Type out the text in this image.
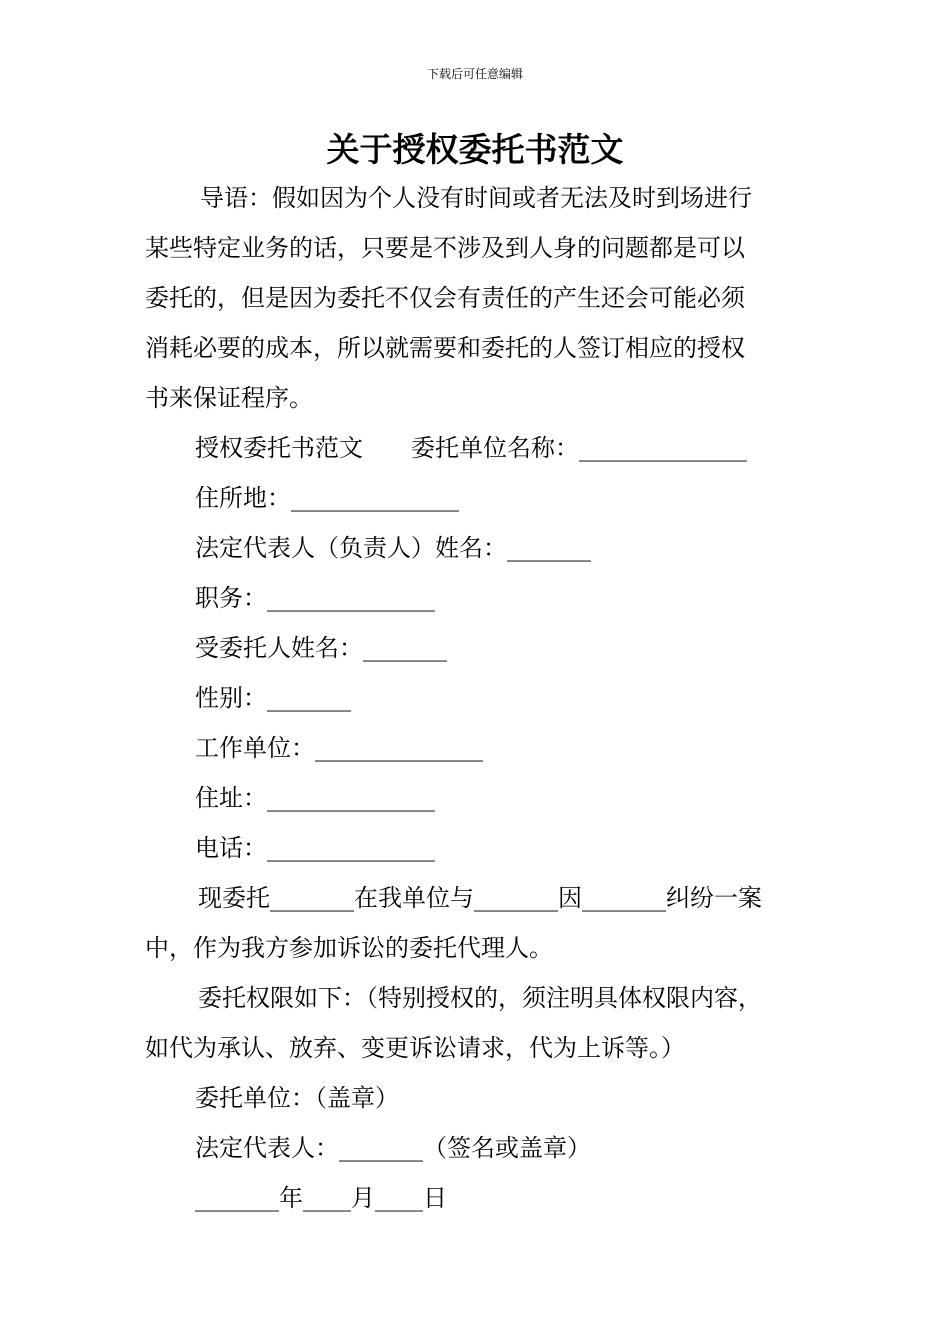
下载后可任意编辑
关于授权委托书范文
导语：假如因为个人没有时间或者无法及时到场进行
某些特定业务的话，只要是不涉及到人身的问题都是可以
委托的，但是因为委托不仅会有责任的产生还会可能必须
消耗必要的成本，所以就需要和委托的人签订相应的授权
书来保证程序。
授权委托书范文　　委托单位名称：______________
住所地：______________
法定代表人（负责人）姓名：_______
职务：______________
受委托人姓名：_______
性别：_______
工作单位：______________
住址：______________
电话：______________
现委托_______在我单位与_______因_______纠纷一案
中，作为我方参加诉讼的委托代理人。
委托权限如下：（特别授权的，须注明具体权限内容，
如代为承认、放弃、变更诉讼请求，代为上诉等。）
委托单位：（盖章）
法定代表人：_______（签名或盖章）
_______年____月____日
